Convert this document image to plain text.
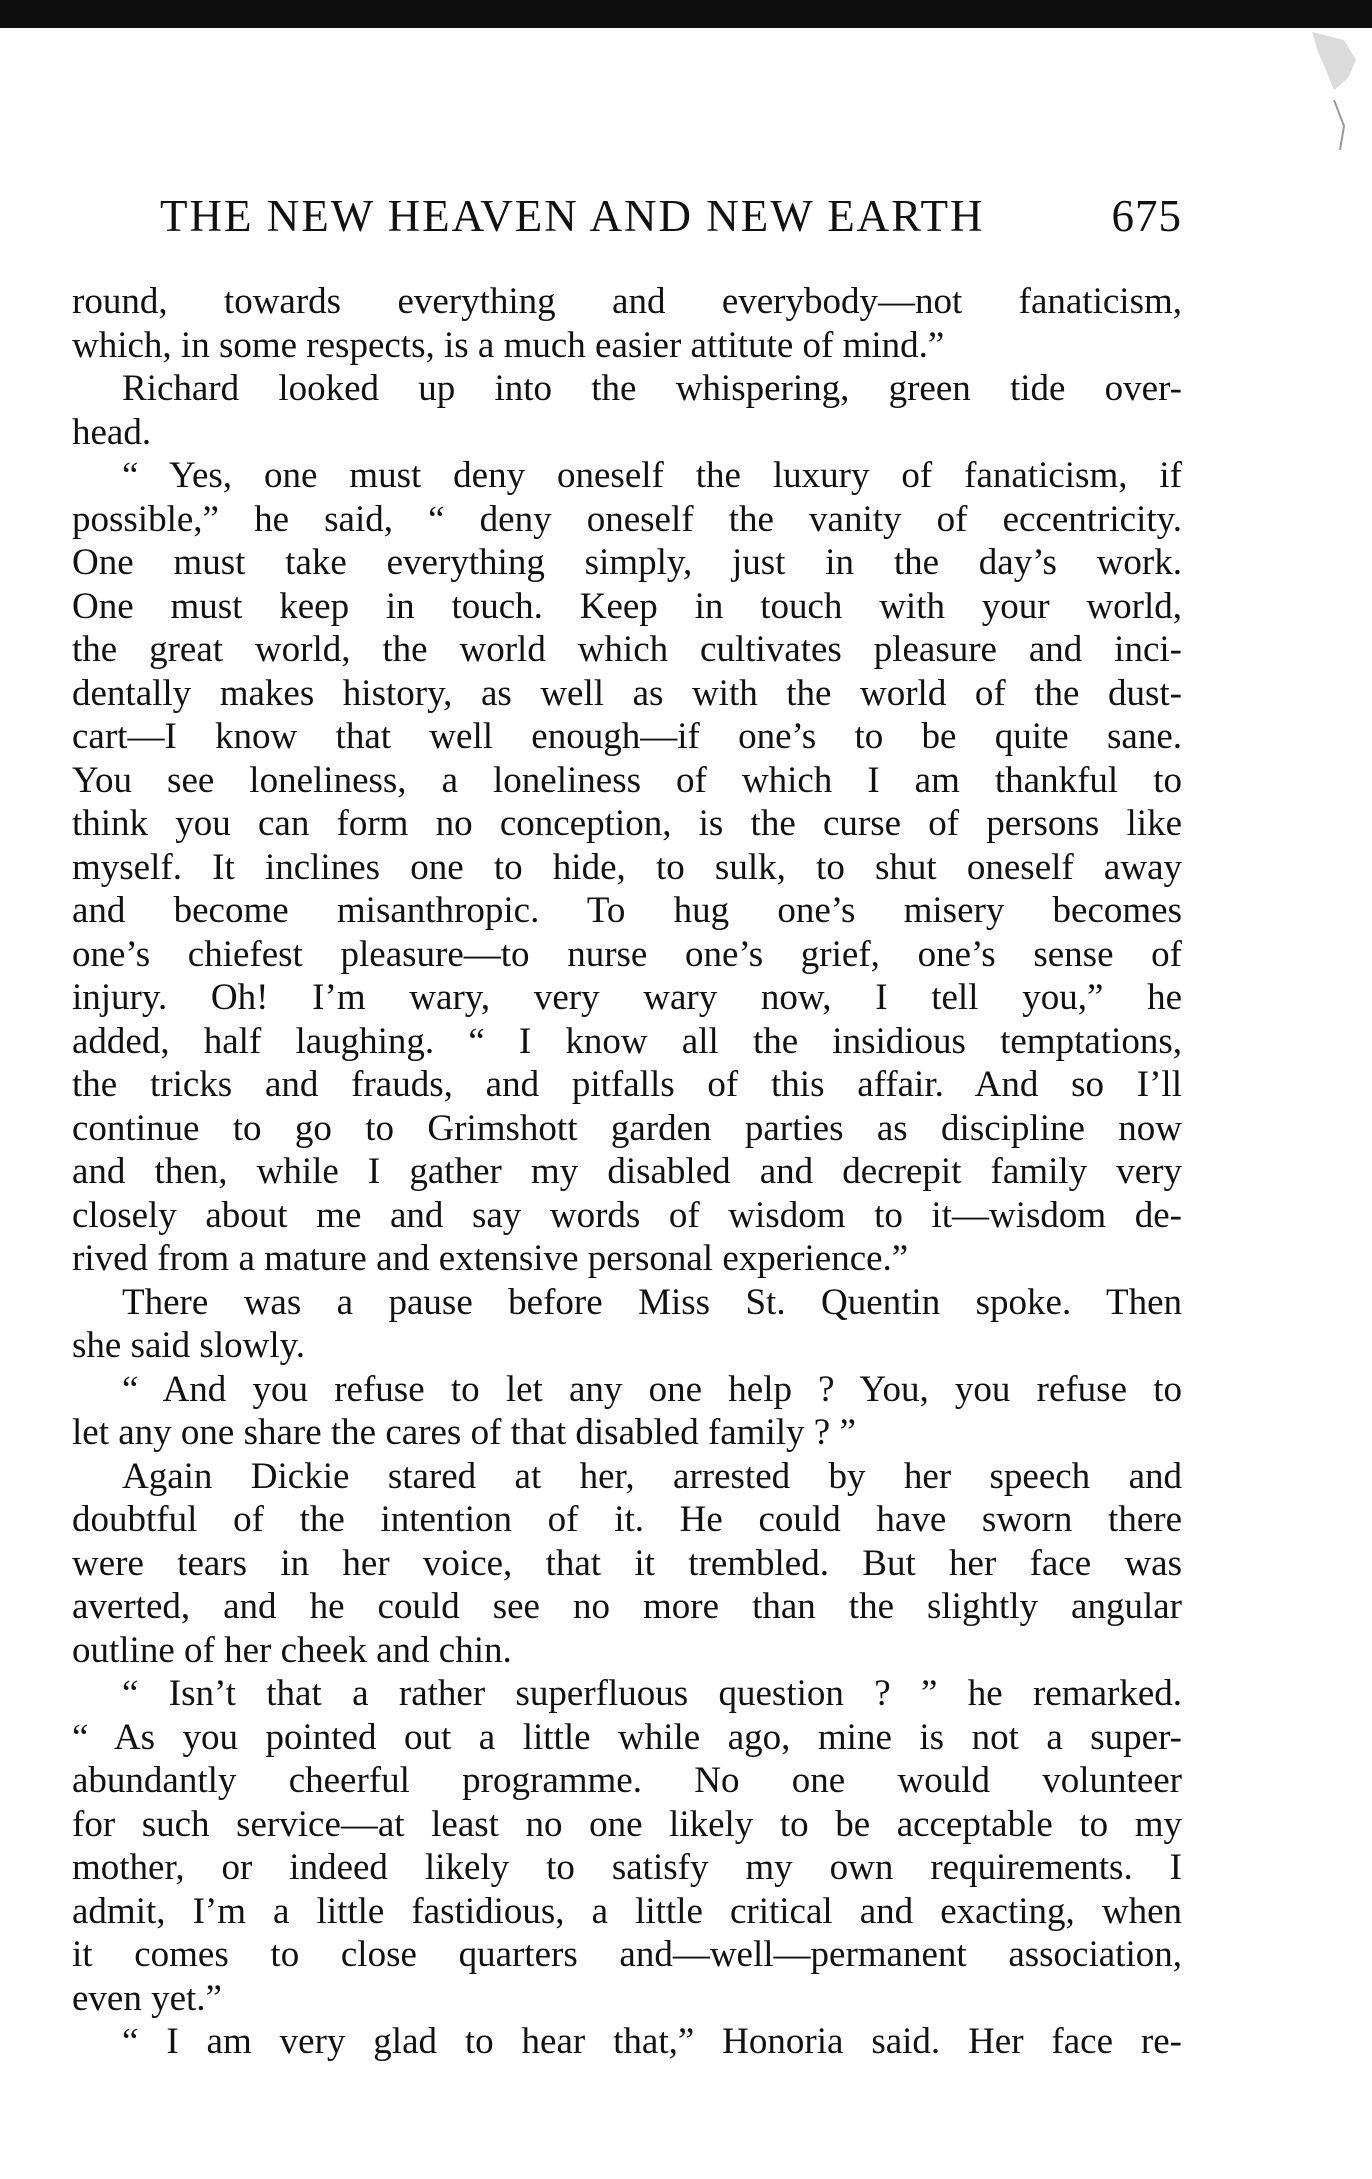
THE NEW HEAVEN AND NEW EARTH	675

round, towards everything and everybody—not fanaticism,
which, in some respects, is a much easier attitute of mind.”

Richard looked up into the whispering, green tide over-
head.

“ Yes, one must deny oneself the luxury of fanaticism, if
possible,” he said, “ deny oneself the vanity of eccentricity.
One must take everything simply, just in the day’s work.
One must keep in touch. Keep in touch with your world,
the great world, the world which cultivates pleasure and inci-
dentally makes history, as well as with the world of the dust-
cart—I know that well enough—if one’s to be quite sane.
You see loneliness, a loneliness of which I am thankful to
think you can form no conception, is the curse of persons like
myself. It inclines one to hide, to sulk, to shut oneself away
and become misanthropic. To hug one’s misery becomes
one’s chiefest pleasure—to nurse one’s grief, one’s sense of
injury. Oh! I’m wary, very wary now, I tell you,” he
added, half laughing. “ I know all the insidious temptations,
the tricks and frauds, and pitfalls of this affair. And so I’ll
continue to go to Grimshott garden parties as discipline now
and then, while I gather my disabled and decrepit family very
closely about me and say words of wisdom to it—wisdom de-
rived from a mature and extensive personal experience.”

There was a pause before Miss St. Quentin spoke. Then
she said slowly.

“ And you refuse to let any one help ? You, you refuse to
let any one share the cares of that disabled family ? ”

Again Dickie stared at her, arrested by her speech and
doubtful of the intention of it. He could have sworn there
were tears in her voice, that it trembled. But her face was
averted, and he could see no more than the slightly angular
outline of her cheek and chin.

“ Isn’t that a rather superfluous question ? ” he remarked.
“ As you pointed out a little while ago, mine is not a super-
abundantly cheerful programme. No one would volunteer
for such service—at least no one likely to be acceptable to my
mother, or indeed likely to satisfy my own requirements. I
admit, I’m a little fastidious, a little critical and exacting, when
it comes to close quarters and—well—permanent association,
even yet.”

“ I am very glad to hear that,” Honoria said. Her face re-
